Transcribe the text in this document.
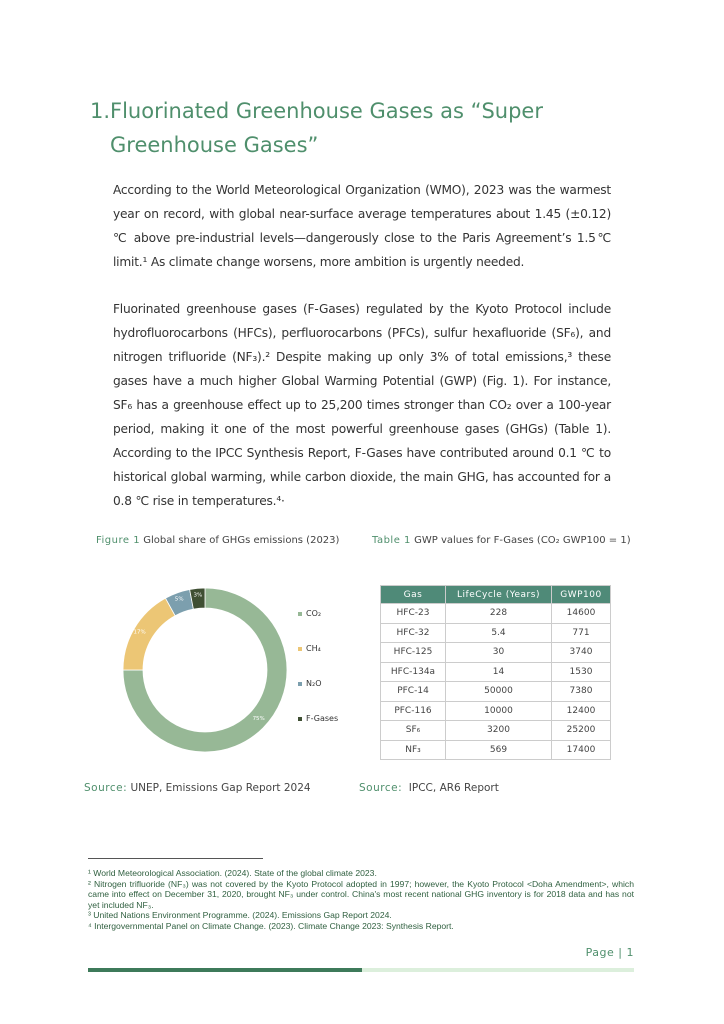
1. Fluorinated Greenhouse Gases as “Super Greenhouse Gases”

According to the World Meteorological Organization (WMO), 2023 was the warmest year on record, with global near-surface average temperatures about 1.45 (±0.12) ℃ above pre-industrial levels—dangerously close to the Paris Agreement’s 1.5℃ limit.¹ As climate change worsens, more ambition is urgently needed.

Fluorinated greenhouse gases (F-Gases) regulated by the Kyoto Protocol include hydrofluorocarbons (HFCs), perfluorocarbons (PFCs), sulfur hexafluoride (SF₆), and nitrogen trifluoride (NF₃).² Despite making up only 3% of total emissions,³ these gases have a much higher Global Warming Potential (GWP) (Fig. 1). For instance, SF₆ has a greenhouse effect up to 25,200 times stronger than CO₂ over a 100-year period, making it one of the most powerful greenhouse gases (GHGs) (Table 1). According to the IPCC Synthesis Report, F-Gases have contributed around 0.1 ℃ to historical global warming, while carbon dioxide, the main GHG, has accounted for a 0.8 ℃ rise in temperatures.⁴·

Figure 1 Global share of GHGs emissions (2023)
75%
17%
5%
3%
CO₂
CH₄
N₂O
F-Gases
Table 1 GWP values for F-Gases (CO₂ GWP100 = 1)
Gas	LifeCycle (Years)	GWP100
HFC-23	228	14600
HFC-32	5.4	771
HFC-125	30	3740
HFC-134a	14	1530
PFC-14	50000	7380
PFC-116	10000	12400
SF₆	3200	25200
NF₃	569	17400
Source: UNEP, Emissions Gap Report 2024	Source: IPCC, AR6 Report
¹ World Meteorological Association. (2024). State of the global climate 2023.
² Nitrogen trifluoride (NF₃) was not covered by the Kyoto Protocol adopted in 1997; however, the Kyoto Protocol <Doha Amendment>, which came into effect on December 31, 2020, brought NF₃ under control. China's most recent national GHG inventory is for 2018 data and has not yet included NF₃.
³ United Nations Environment Programme. (2024). Emissions Gap Report 2024.
⁴ Intergovernmental Panel on Climate Change. (2023). Climate Change 2023: Synthesis Report.
Page | 1
